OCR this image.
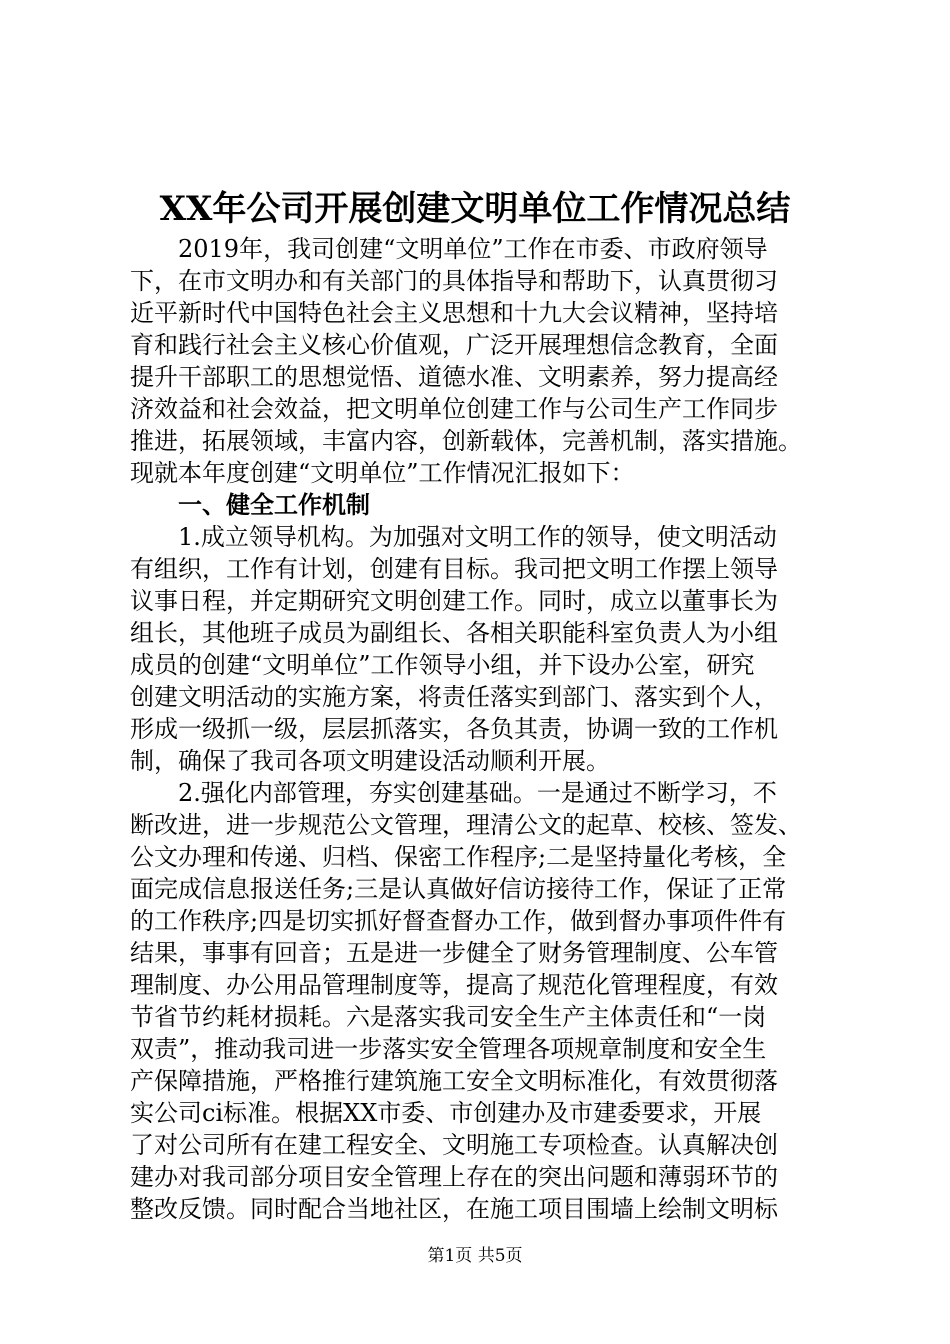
XX年公司开展创建文明单位工作情况总结
2019年，我司创建“文明单位”工作在市委、市政府领导
下，在市文明办和有关部门的具体指导和帮助下，认真贯彻习
近平新时代中国特色社会主义思想和十九大会议精神，坚持培
育和践行社会主义核心价值观，广泛开展理想信念教育，全面
提升干部职工的思想觉悟、道德水准、文明素养，努力提高经
济效益和社会效益，把文明单位创建工作与公司生产工作同步
推进，拓展领域，丰富内容，创新载体，完善机制，落实措施。
现就本年度创建“文明单位”工作情况汇报如下：
一、健全工作机制
1.成立领导机构。为加强对文明工作的领导，使文明活动
有组织，工作有计划，创建有目标。我司把文明工作摆上领导
议事日程，并定期研究文明创建工作。同时，成立以董事长为
组长，其他班子成员为副组长、各相关职能科室负责人为小组
成员的创建“文明单位”工作领导小组，并下设办公室，研究
创建文明活动的实施方案，将责任落实到部门、落实到个人，
形成一级抓一级，层层抓落实，各负其责，协调一致的工作机
制，确保了我司各项文明建设活动顺利开展。
2.强化内部管理，夯实创建基础。一是通过不断学习，不
断改进，进一步规范公文管理，理清公文的起草、校核、签发、
公文办理和传递、归档、保密工作程序;二是坚持量化考核，全
面完成信息报送任务;三是认真做好信访接待工作，保证了正常
的工作秩序;四是切实抓好督查督办工作，做到督办事项件件有
结果，事事有回音；五是进一步健全了财务管理制度、公车管
理制度、办公用品管理制度等，提高了规范化管理程度，有效
节省节约耗材损耗。六是落实我司安全生产主体责任和“一岗
双责”，推动我司进一步落实安全管理各项规章制度和安全生
产保障措施，严格推行建筑施工安全文明标准化，有效贯彻落
实公司ci标准。根据XX市委、市创建办及市建委要求，开展
了对公司所有在建工程安全、文明施工专项检查。认真解决创
建办对我司部分项目安全管理上存在的突出问题和薄弱环节的
整改反馈。同时配合当地社区，在施工项目围墙上绘制文明标
第1页 共5页
